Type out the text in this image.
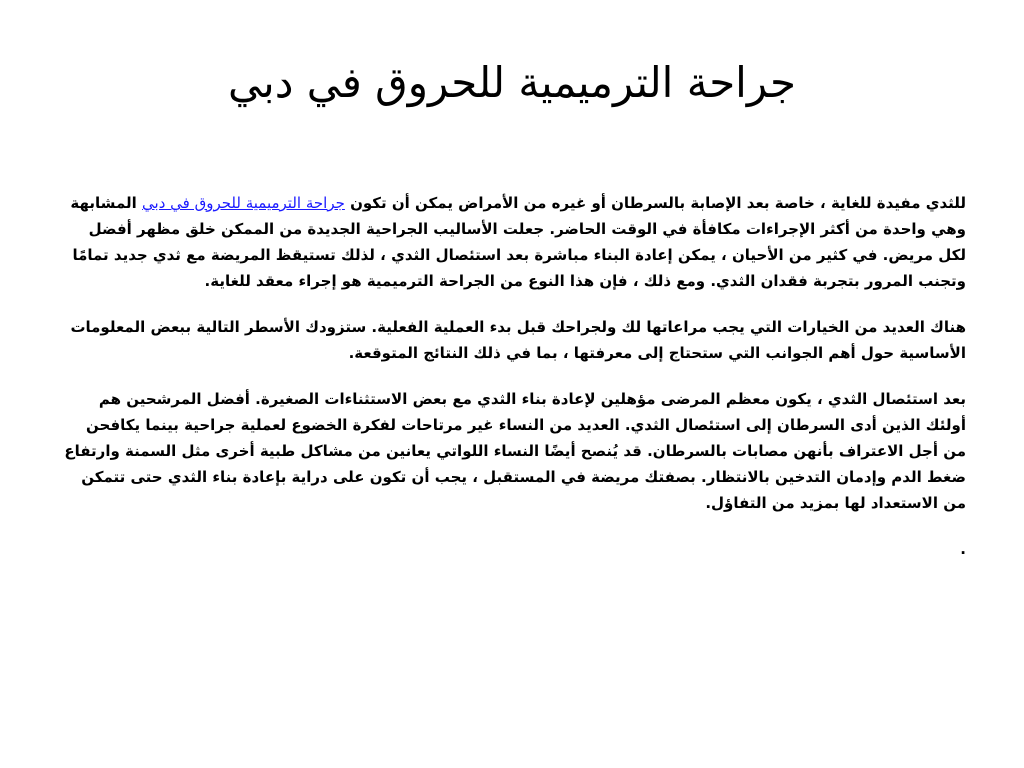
جراحة الترميمية للحروق في دبي

للثدي مفيدة للغاية ، خاصة بعد الإصابة بالسرطان أو غيره من الأمراض يمكن أن تكون جراحة الترميمية للحروق في دبي المشابهة وهي واحدة من أكثر الإجراءات مكافأة في الوقت الحاضر. جعلت الأساليب الجراحية الجديدة من الممكن خلق مظهر أفضل لكل مريض. في كثير من الأحيان ، يمكن إعادة البناء مباشرة بعد استئصال الثدي ، لذلك تستيقظ المريضة مع ثدي جديد تمامًا وتجنب المرور بتجربة فقدان الثدي. ومع ذلك ، فإن هذا النوع من الجراحة الترميمية هو إجراء معقد للغاية.

هناك العديد من الخيارات التي يجب مراعاتها لك ولجراحك قبل بدء العملية الفعلية. ستزودك الأسطر التالية ببعض المعلومات الأساسية حول أهم الجوانب التي ستحتاج إلى معرفتها ، بما في ذلك النتائج المتوقعة.

بعد استئصال الثدي ، يكون معظم المرضى مؤهلين لإعادة بناء الثدي مع بعض الاستثناءات الصغيرة. أفضل المرشحين هم أولئك الذين أدى السرطان إلى استئصال الثدي. العديد من النساء غير مرتاحات لفكرة الخضوع لعملية جراحية بينما يكافحن من أجل الاعتراف بأنهن مصابات بالسرطان. قد يُنصح أيضًا النساء اللواتي يعانين من مشاكل طبية أخرى مثل السمنة وارتفاع ضغط الدم وإدمان التدخين بالانتظار. بصفتك مريضة في المستقبل ، يجب أن تكون على دراية بإعادة بناء الثدي حتى تتمكن من الاستعداد لها بمزيد من التفاؤل.

.
